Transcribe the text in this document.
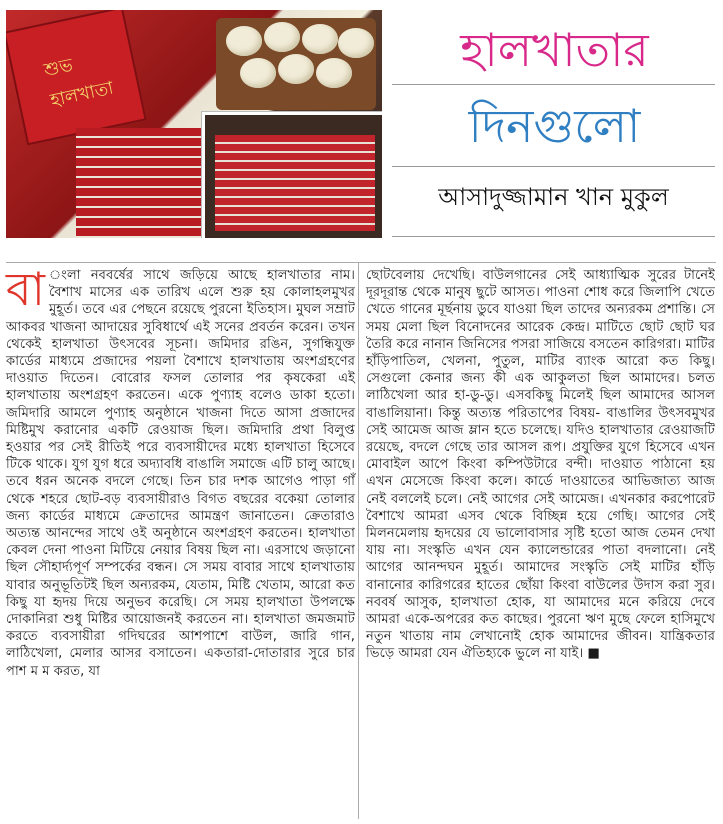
শুভ হালখাতা
হালখাতার
দিনগুলো
আসাদুজ্জামান খান মুকুল
বা ংলা নববর্ষের সাথে জড়িয়ে আছে হালখাতার নাম। বৈশাখ মাসের এক তারিখ এলে শুরু হয় কোলাহলমুখর মুহূর্ত। তবে এর পেছনে রয়েছে পুরনো ইতিহাস। মুঘল সম্রাট আকবর খাজনা আদায়ের সুবিধার্থে এই সনের প্রবর্তন করেন। তখন থেকেই হালখাতা উৎসবের সূচনা। জমিদার রঙিন, সুগন্ধিযুক্ত কার্ডের মাধ্যমে প্রজাদের পয়লা বৈশাখে হালখাতায় অংশগ্রহণের দাওয়াত দিতেন। বোরোর ফসল তোলার পর কৃষকেরা এই হালখাতায় অংশগ্রহণ করতেন। একে পুণ্যাহ বলেও ডাকা হতো। জমিদারি আমলে পুণ্যাহ অনুষ্ঠানে খাজনা দিতে আসা প্রজাদের মিষ্টিমুখ করানোর একটি রেওয়াজ ছিল। জমিদারি প্রথা বিলুপ্ত হওয়ার পর সেই রীতিই পরে ব্যবসায়ীদের মধ্যে হালখাতা হিসেবে টিকে থাকে। যুগ যুগ ধরে অদ্যাবধি বাঙালি সমাজে এটি চালু আছে। তবে ধরন অনেক বদলে গেছে। তিন চার দশক আগেও পাড়া গাঁ থেকে শহরে ছোট-বড় ব্যবসায়ীরাও বিগত বছরের বকেয়া তোলার জন্য কার্ডের মাধ্যমে ক্রেতাদের আমন্ত্রণ জানাতেন। ক্রেতারাও অত্যন্ত আনন্দের সাথে ওই অনুষ্ঠানে অংশগ্রহণ করতেন। হালখাতা কেবল দেনা পাওনা মিটিয়ে নেয়ার বিষয় ছিল না। এরসাথে জড়ানো ছিল সৌহার্দ্যপূর্ণ সম্পর্কের বন্ধন। সে সময় বাবার সাথে হালখাতায় যাবার অনুভূতিটই ছিল অন্যরকম, যেতাম, মিষ্টি খেতাম, আরো কত কিছু যা হৃদয় দিয়ে অনুভব করেছি। সে সময় হালখাতা উপলক্ষে দোকানিরা শুধু মিষ্টির আয়োজনই করতেন না। হালখাতা জমজমাট করতে ব্যবসায়ীরা গদিঘরের আশপাশে বাউল, জারি গান, লাঠিখেলা, মেলার আসর বসাতেন। একতারা-দোতারার সুরে চার পাশ ম ম করত, যা

ছোটবেলায় দেখেছি। বাউলগানের সেই আধ্যাত্মিক সুরের টানেই দূরদূরান্ত থেকে মানুষ ছুটে আসত। পাওনা শোধ করে জিলাপি খেতে খেতে গানের মূর্ছনায় ডুবে যাওয়া ছিল তাদের অন্যরকম প্রশান্তি। সে সময় মেলা ছিল বিনোদনের আরেক কেন্দ্র। মাটিতে ছোট ছোট ঘর তৈরি করে নানান জিনিসের পসরা সাজিয়ে বসতেন কারিগরা। মাটির হাঁড়িপাতিল, খেলনা, পুতুল, মাটির ব্যাংক আরো কত কিছু। সেগুলো কেনার জন্য কী এক আকুলতা ছিল আমাদের। চলত লাঠিখেলা আর হা-ডু-ডু। এসবকিছু মিলেই ছিল আমাদের আসল বাঙালিয়ানা। কিন্তু অত্যন্ত পরিতাপের বিষয়- বাঙালির উৎসবমুখর সেই আমেজ আজ ম্লান হতে চলেছে। যদিও হালখাতার রেওয়াজটি রয়েছে, বদলে গেছে তার আসল রূপ। প্রযুক্তির যুগে হিসেবে এখন মোবাইল আপে কিংবা কম্পিউটারে বন্দী। দাওয়াত পাঠানো হয় এখন মেসেজে কিংবা কলে। কার্ডে দাওয়াতের আভিজাত্য আজ নেই বললেই চলে। নেই আগের সেই আমেজ। এখনকার করপোরেট বৈশাখে আমরা এসব থেকে বিচ্ছিন্ন হয়ে গেছি। আগের সেই মিলনমেলায় হৃদয়ের যে ভালোবাসার সৃষ্টি হতো আজ তেমন দেখা যায় না। সংস্কৃতি এখন যেন ক্যালেন্ডারের পাতা বদলানো। নেই আগের আনন্দঘন মুহূর্ত। আমাদের সংস্কৃতি সেই মাটির হাঁড়ি বানানোর কারিগরের হাতের ছোঁয়া কিংবা বাউলের উদাস করা সুর। নববর্ষ আসুক, হালখাতা হোক, যা আমাদের মনে করিয়ে দেবে আমরা একে-অপরের কত কাছের। পুরনো ঋণ মুছে ফেলে হাসিমুখে নতুন খাতায় নাম লেখানোই হোক আমাদের জীবন। যান্ত্রিকতার ভিড়ে আমরা যেন ঐতিহ্যকে ভুলে না যাই। ■
